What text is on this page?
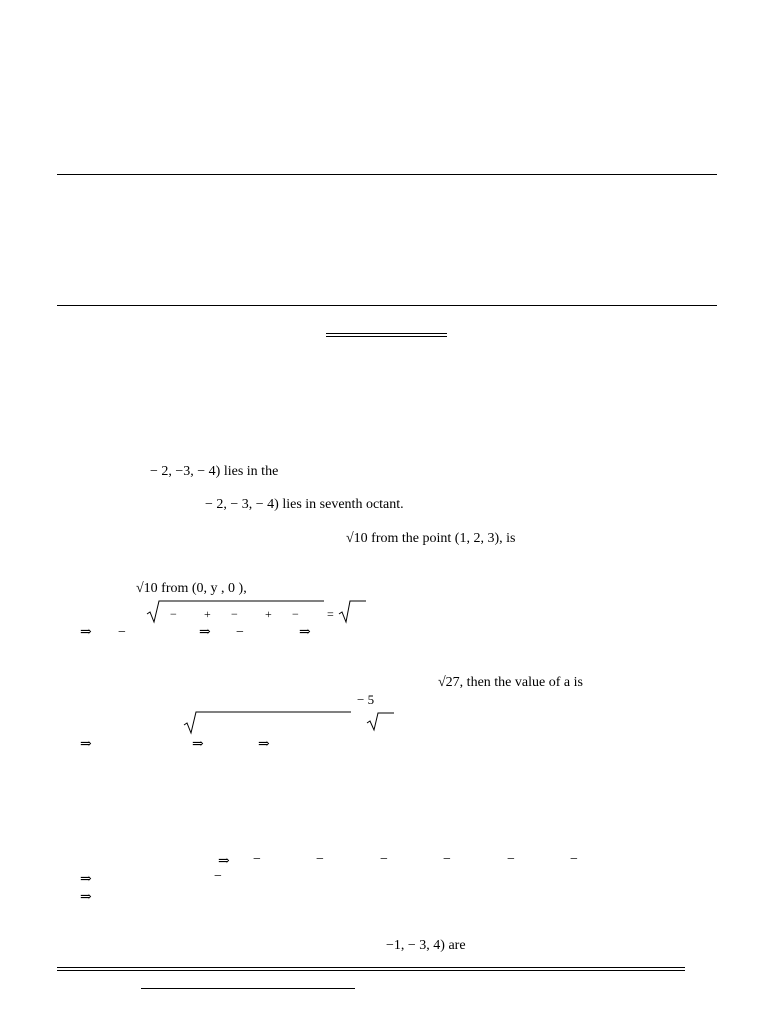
− 2, −3, − 4) lies in the
− 2, − 3, − 4) lies in seventh octant.
√10 from the point (1, 2, 3), is
√10 from (0, y , 0 ),
− + − + − =
⇒ −	⇒ −	⇒
√27, then the value of a is
− 5
⇒	⇒	⇒
⇒ −	−	−	−	−	−
⇒	−
⇒
−1, − 3, 4) are
